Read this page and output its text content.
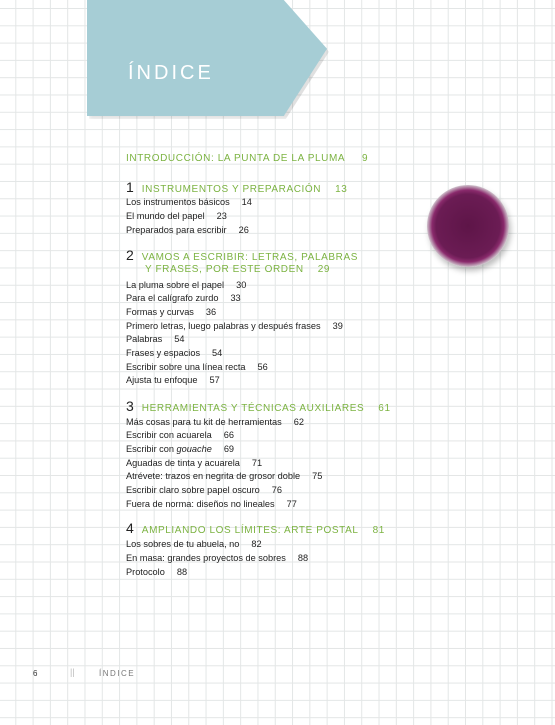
ÍNDICE
INTRODUCCIÓN: LA PUNTA DE LA PLUMA 9
1 INSTRUMENTOS Y PREPARACIÓN 13
Los instrumentos básicos 14
El mundo del papel 23
Preparados para escribir 26
2 VAMOS A ESCRIBIR: LETRAS, PALABRAS
Y FRASES, POR ESTE ORDEN 29
La pluma sobre el papel 30
Para el calígrafo zurdo 33
Formas y curvas 36
Primero letras, luego palabras y después frases 39
Palabras 54
Frases y espacios 54
Escribir sobre una línea recta 56
Ajusta tu enfoque 57
3 HERRAMIENTAS Y TÉCNICAS AUXILIARES 61
Más cosas para tu kit de herramientas 62
Escribir con acuarela 66
Escribir con gouache 69
Aguadas de tinta y acuarela 71
Atrévete: trazos en negrita de grosor doble 75
Escribir claro sobre papel oscuro 76
Fuera de norma: diseños no lineales 77
4 AMPLIANDO LOS LÍMITES: ARTE POSTAL 81
Los sobres de tu abuela, no 82
En masa: grandes proyectos de sobres 88
Protocolo 88
6	||	ÍNDICE
